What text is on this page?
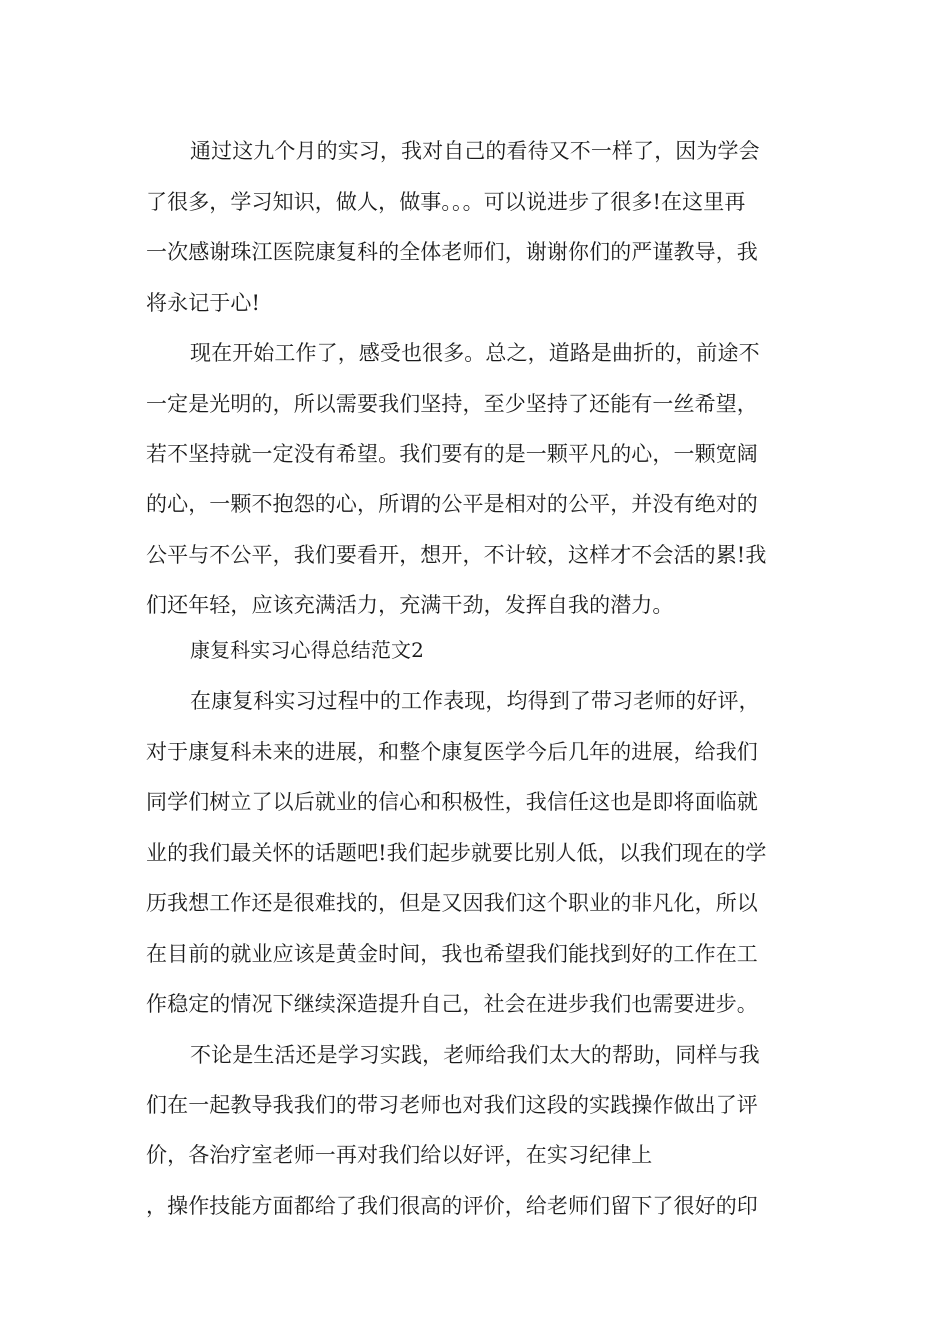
通过这九个月的实习，我对自己的看待又不一样了，因为学会
了很多，学习知识，做人，做事。。。可以说进步了很多!在这里再
一次感谢珠江医院康复科的全体老师们，谢谢你们的严谨教导，我
将永记于心!
现在开始工作了，感受也很多。总之，道路是曲折的，前途不
一定是光明的，所以需要我们坚持，至少坚持了还能有一丝希望，
若不坚持就一定没有希望。我们要有的是一颗平凡的心，一颗宽阔
的心，一颗不抱怨的心，所谓的公平是相对的公平，并没有绝对的
公平与不公平，我们要看开，想开，不计较，这样才不会活的累!我
们还年轻，应该充满活力，充满干劲，发挥自我的潜力。
康复科实习心得总结范文2
在康复科实习过程中的工作表现，均得到了带习老师的好评，
对于康复科未来的进展，和整个康复医学今后几年的进展，给我们
同学们树立了以后就业的信心和积极性，我信任这也是即将面临就
业的我们最关怀的话题吧!我们起步就要比别人低，以我们现在的学
历我想工作还是很难找的，但是又因我们这个职业的非凡化，所以
在目前的就业应该是黄金时间，我也希望我们能找到好的工作在工
作稳定的情况下继续深造提升自己，社会在进步我们也需要进步。
不论是生活还是学习实践，老师给我们太大的帮助，同样与我
们在一起教导我我们的带习老师也对我们这段的实践操作做出了评
价，各治疗室老师一再对我们给以好评，在实习纪律上
，操作技能方面都给了我们很高的评价，给老师们留下了很好的印
